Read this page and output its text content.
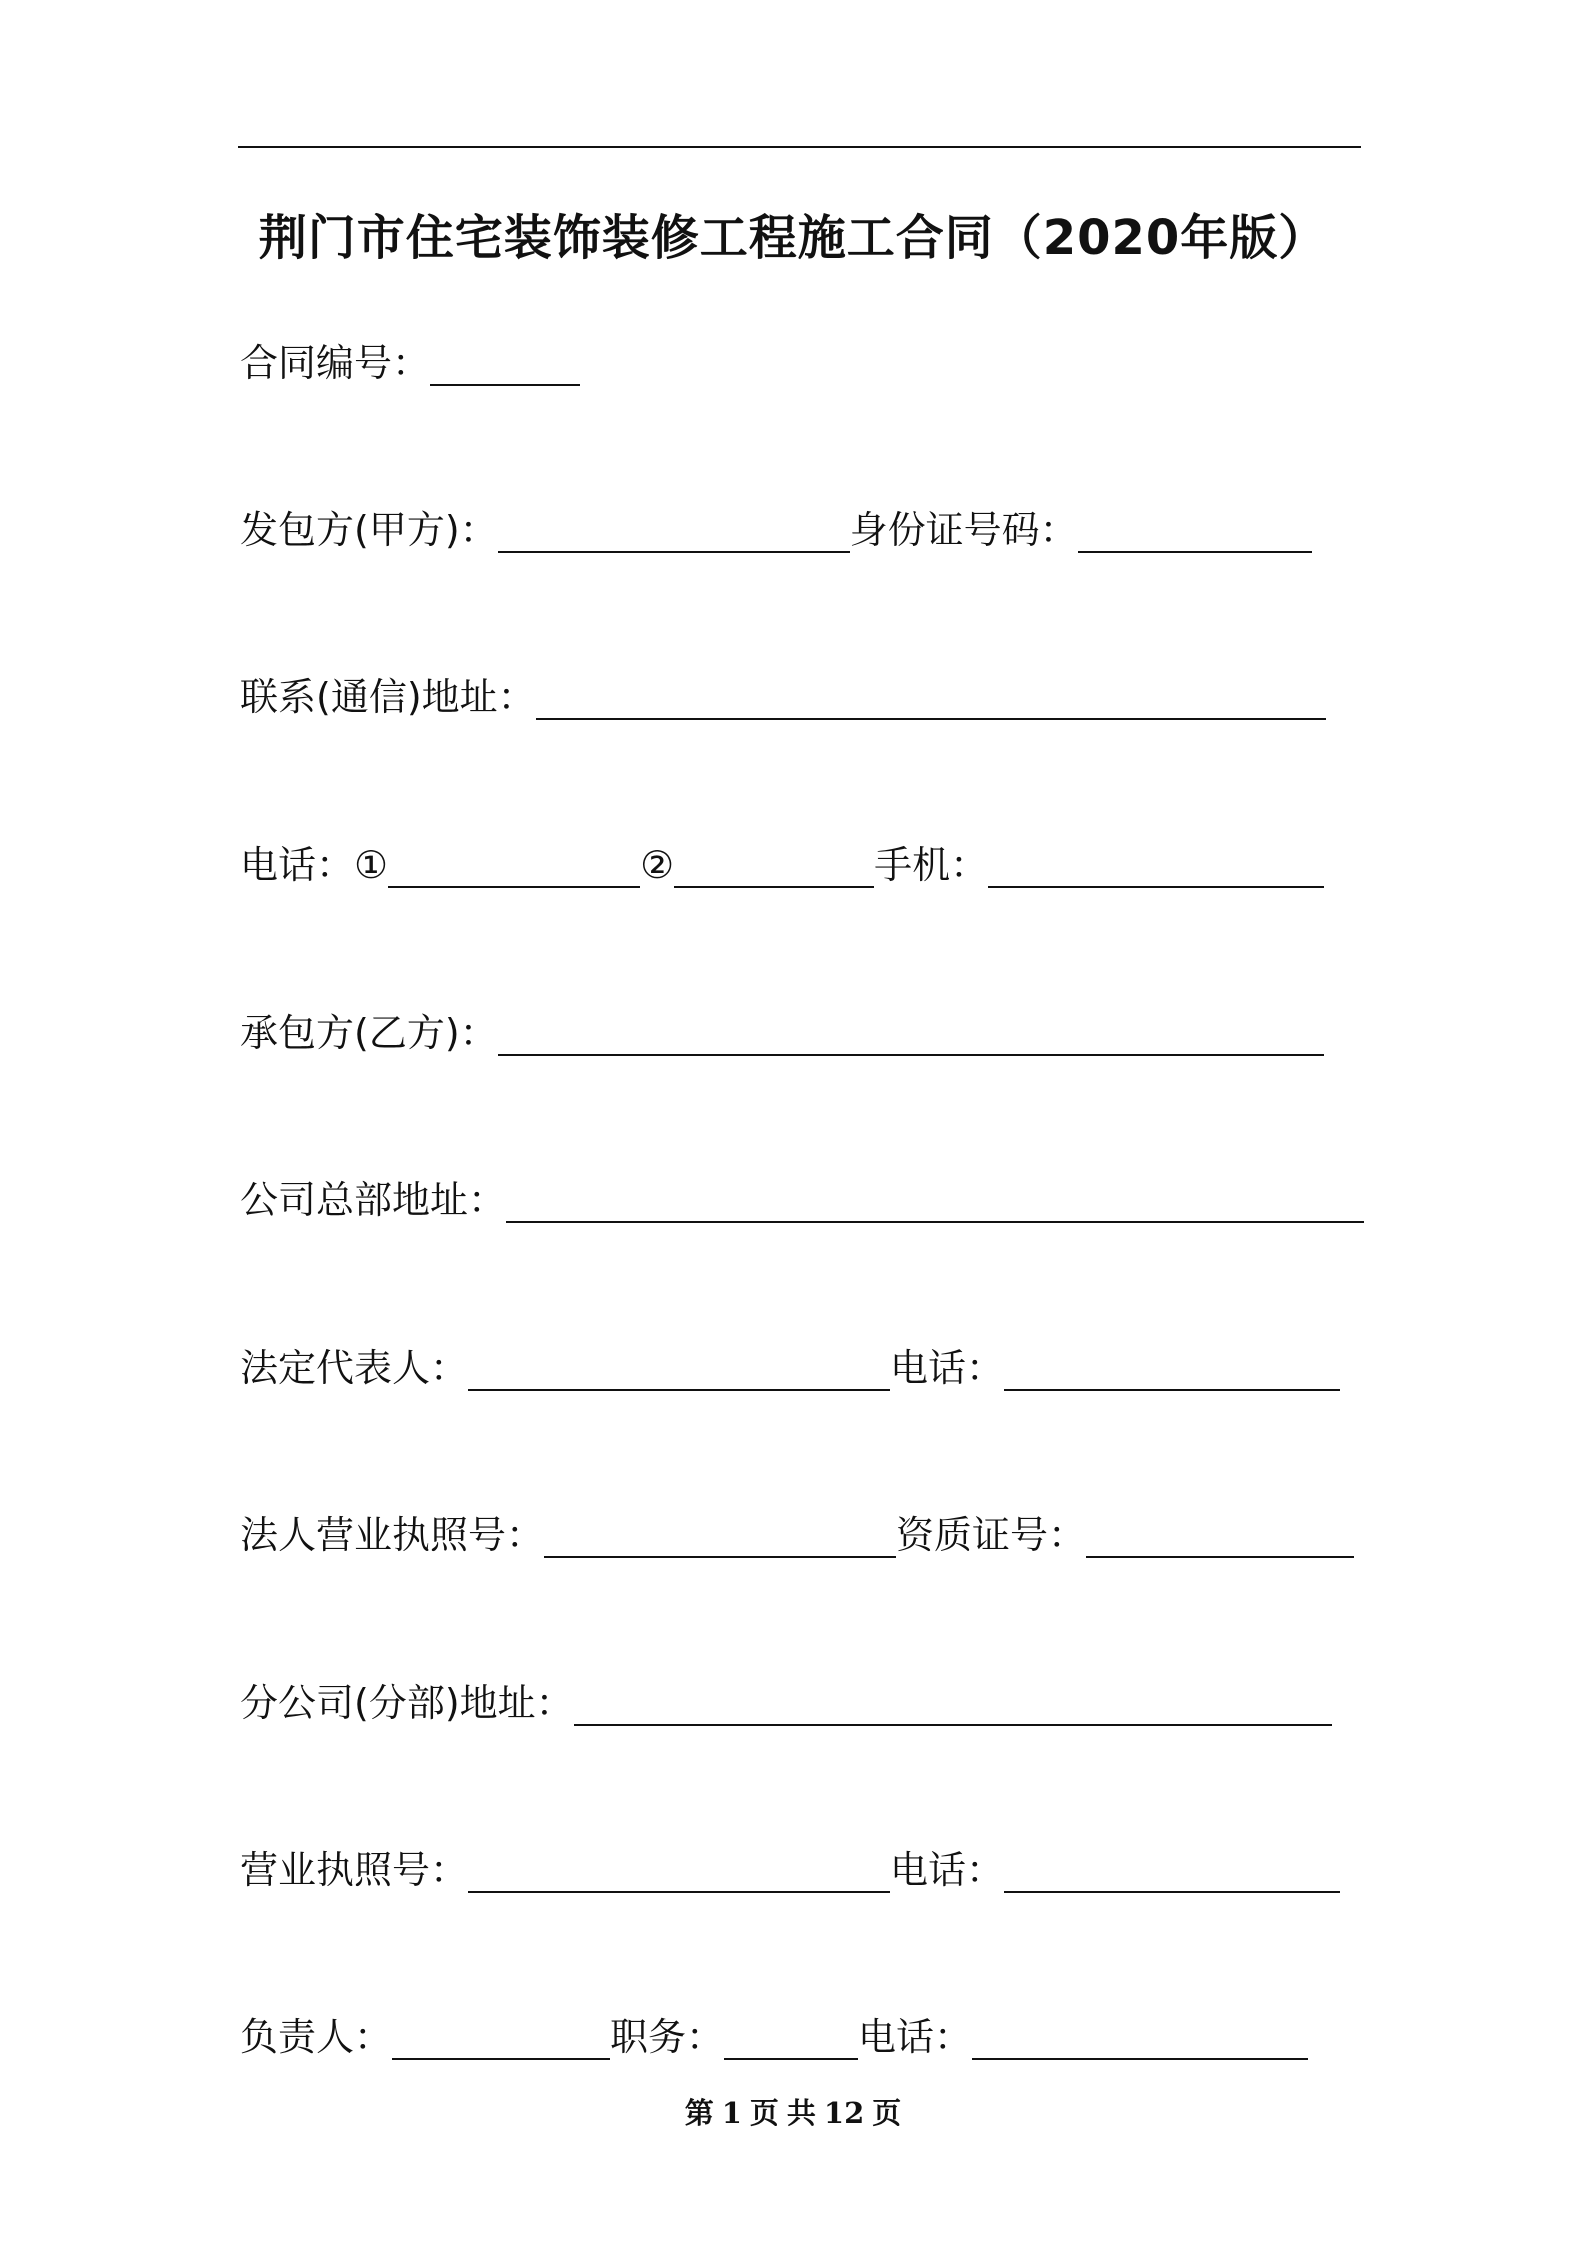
荆门市住宅装饰装修工程施工合同（2020年版）
合同编号：
发包方(甲方)：	身份证号码：
联系(通信)地址：
电话：①	②	手机：
承包方(乙方)：
公司总部地址：
法定代表人：	电话：
法人营业执照号：	资质证号：
分公司(分部)地址：
营业执照号：	电话：
负责人：	职务：	电话：
第 1 页 共 12 页
